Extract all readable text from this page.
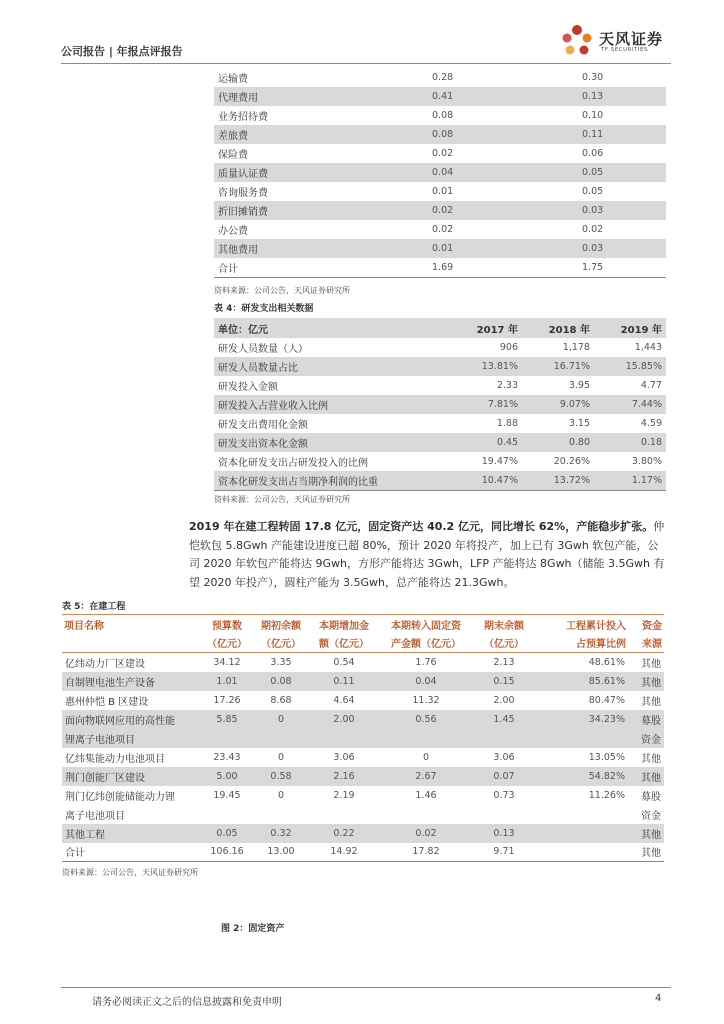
公司报告 | 年报点评报告
天风证券
TF SECURITIES
运输费	0.28	0.30
代理费用	0.41	0.13
业务招待费	0.08	0.10
差旅费	0.08	0.11
保险费	0.02	0.06
质量认证费	0.04	0.05
咨询服务费	0.01	0.05
折旧摊销费	0.02	0.03
办公费	0.02	0.02
其他费用	0.01	0.03
合计	1.69	1.75
资料来源：公司公告，天风证券研究所
表 4：研发支出相关数据
单位：亿元	2017 年	2018 年	2019 年
研发人员数量（人）	906	1,178	1,443
研发人员数量占比	13.81%	16.71%	15.85%
研发投入金额	2.33	3.95	4.77
研发投入占营业收入比例	7.81%	9.07%	7.44%
研发支出费用化金额	1.88	3.15	4.59
研发支出资本化金额	0.45	0.80	0.18
资本化研发支出占研发投入的比例	19.47%	20.26%	3.80%
资本化研发支出占当期净利润的比重	10.47%	13.72%	1.17%
资料来源：公司公告，天风证券研究所
2019 年在建工程转固 17.8 亿元，固定资产达 40.2 亿元，同比增长 62%，产能稳步扩张。仲恺软包 5.8Gwh 产能建设进度已超 80%，预计 2020 年将投产，加上已有 3Gwh 软包产能，公司 2020 年软包产能将达 9Gwh，方形产能将达 3Gwh，LFP 产能将达 8Gwh（储能 3.5Gwh 有望 2020 年投产），圆柱产能为 3.5Gwh，总产能将达 21.3Gwh。
表 5：在建工程
项目名称	预算数	期初余额	本期增加金	本期转入固定资	期末余额	工程累计投入	资金
	（亿元）	（亿元）	额（亿元）	产金额（亿元）	（亿元）	占预算比例	来源
亿纬动力厂区建设	34.12	3.35	0.54	1.76	2.13	48.61%	其他
自制锂电池生产设备	1.01	0.08	0.11	0.04	0.15	85.61%	其他
惠州仲恺 B 区建设	17.26	8.68	4.64	11.32	2.00	80.47%	其他
面向物联网应用的高性能	5.85	0	2.00	0.56	1.45	34.23%	募股
锂离子电池项目							资金
亿纬集能动力电池项目	23.43	0	3.06	0	3.06	13.05%	其他
荆门创能厂区建设	5.00	0.58	2.16	2.67	0.07	54.82%	其他
荆门亿纬创能储能动力锂	19.45	0	2.19	1.46	0.73	11.26%	募股
离子电池项目							资金
其他工程	0.05	0.32	0.22	0.02	0.13		其他
合计	106.16	13.00	14.92	17.82	9.71		其他
资料来源：公司公告，天风证券研究所
图 2：固定资产
请务必阅读正文之后的信息披露和免责申明	4
